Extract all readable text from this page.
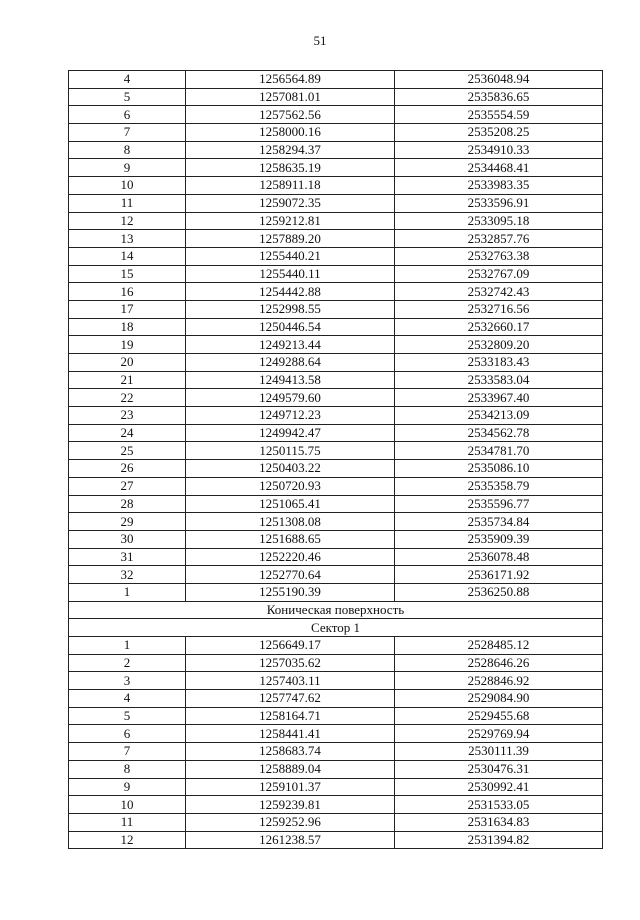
51
4	1256564.89	2536048.94
5	1257081.01	2535836.65
6	1257562.56	2535554.59
7	1258000.16	2535208.25
8	1258294.37	2534910.33
9	1258635.19	2534468.41
10	1258911.18	2533983.35
11	1259072.35	2533596.91
12	1259212.81	2533095.18
13	1257889.20	2532857.76
14	1255440.21	2532763.38
15	1255440.11	2532767.09
16	1254442.88	2532742.43
17	1252998.55	2532716.56
18	1250446.54	2532660.17
19	1249213.44	2532809.20
20	1249288.64	2533183.43
21	1249413.58	2533583.04
22	1249579.60	2533967.40
23	1249712.23	2534213.09
24	1249942.47	2534562.78
25	1250115.75	2534781.70
26	1250403.22	2535086.10
27	1250720.93	2535358.79
28	1251065.41	2535596.77
29	1251308.08	2535734.84
30	1251688.65	2535909.39
31	1252220.46	2536078.48
32	1252770.64	2536171.92
1	1255190.39	2536250.88
Коническая поверхность		
Сектор 1		
1	1256649.17	2528485.12
2	1257035.62	2528646.26
3	1257403.11	2528846.92
4	1257747.62	2529084.90
5	1258164.71	2529455.68
6	1258441.41	2529769.94
7	1258683.74	2530111.39
8	1258889.04	2530476.31
9	1259101.37	2530992.41
10	1259239.81	2531533.05
11	1259252.96	2531634.83
12	1261238.57	2531394.82
